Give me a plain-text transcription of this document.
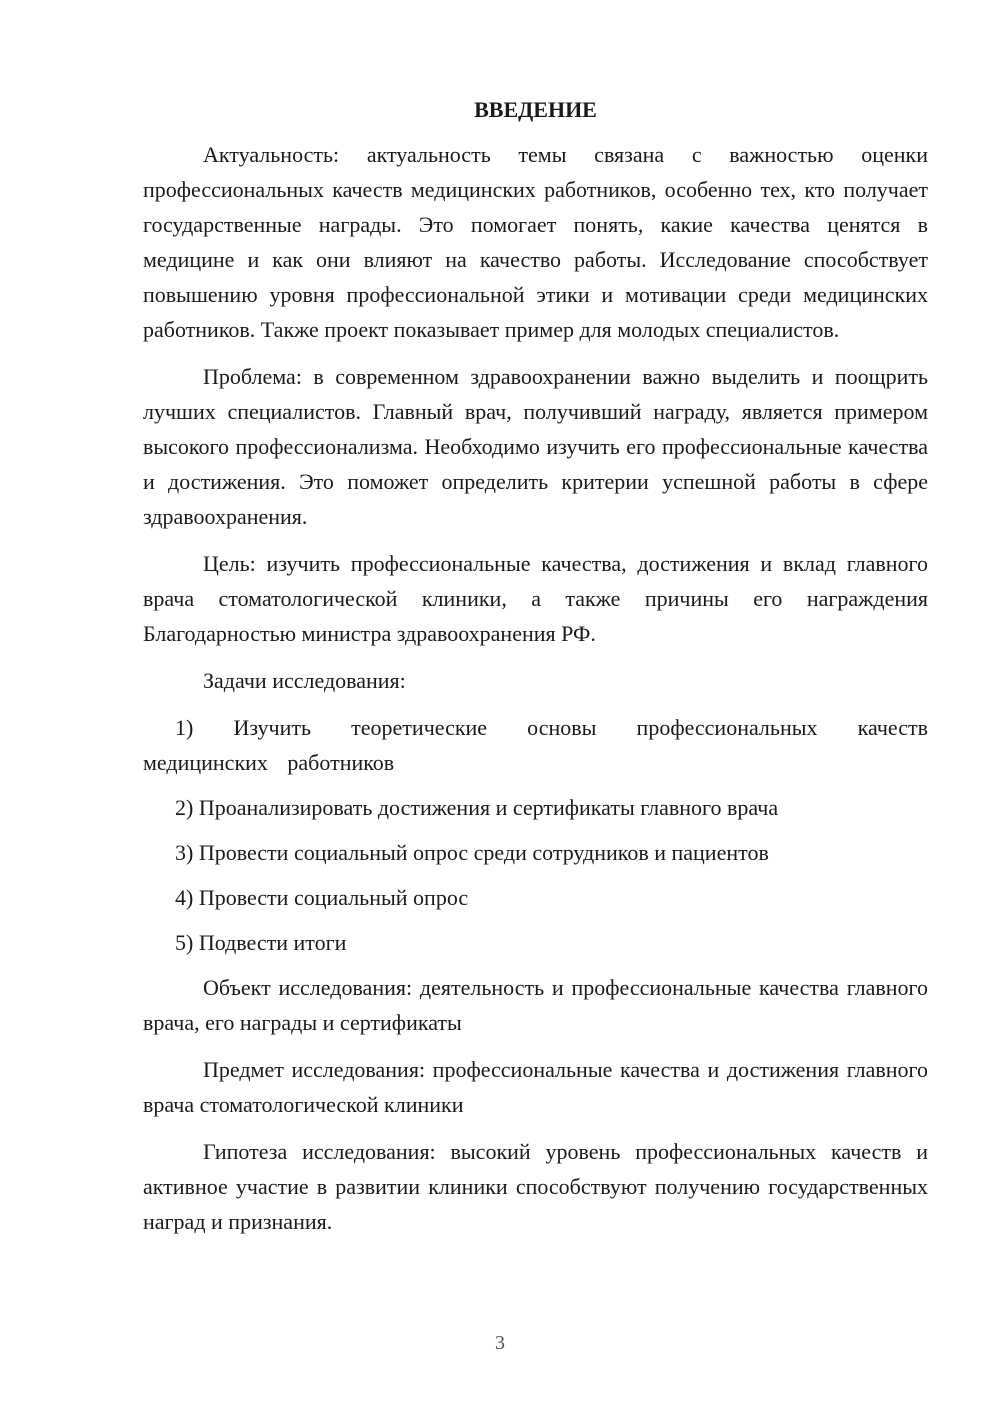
ВВЕДЕНИЕ

Актуальность: актуальность темы связана с важностью оценки профессиональных качеств медицинских работников, особенно тех, кто получает государственные награды. Это помогает понять, какие качества ценятся в медицине и как они влияют на качество работы. Исследование способствует повышению уровня профессиональной этики и мотивации среди медицинских работников. Также проект показывает пример для молодых специалистов.

Проблема: в современном здравоохранении важно выделить и поощрить лучших специалистов. Главный врач, получивший награду, является примером высокого профессионализма. Необходимо изучить его профессиональные качества и достижения. Это поможет определить критерии успешной работы в сфере здравоохранения.

Цель: изучить профессиональные качества, достижения и вклад главного врача стоматологической клиники, а также причины его награждения Благодарностью министра здравоохранения РФ.

Задачи исследования:

1) Изучить теоретические основы профессиональных качеств медицинских работников

2) Проанализировать достижения и сертификаты главного врача

3) Провести социальный опрос среди сотрудников и пациентов

4) Провести социальный опрос

5) Подвести итоги

Объект исследования: деятельность и профессиональные качества главного врача, его награды и сертификаты

Предмет исследования: профессиональные качества и достижения главного врача стоматологической клиники

Гипотеза исследования: высокий уровень профессиональных качеств и активное участие в развитии клиники способствуют получению государственных наград и признания.

3
